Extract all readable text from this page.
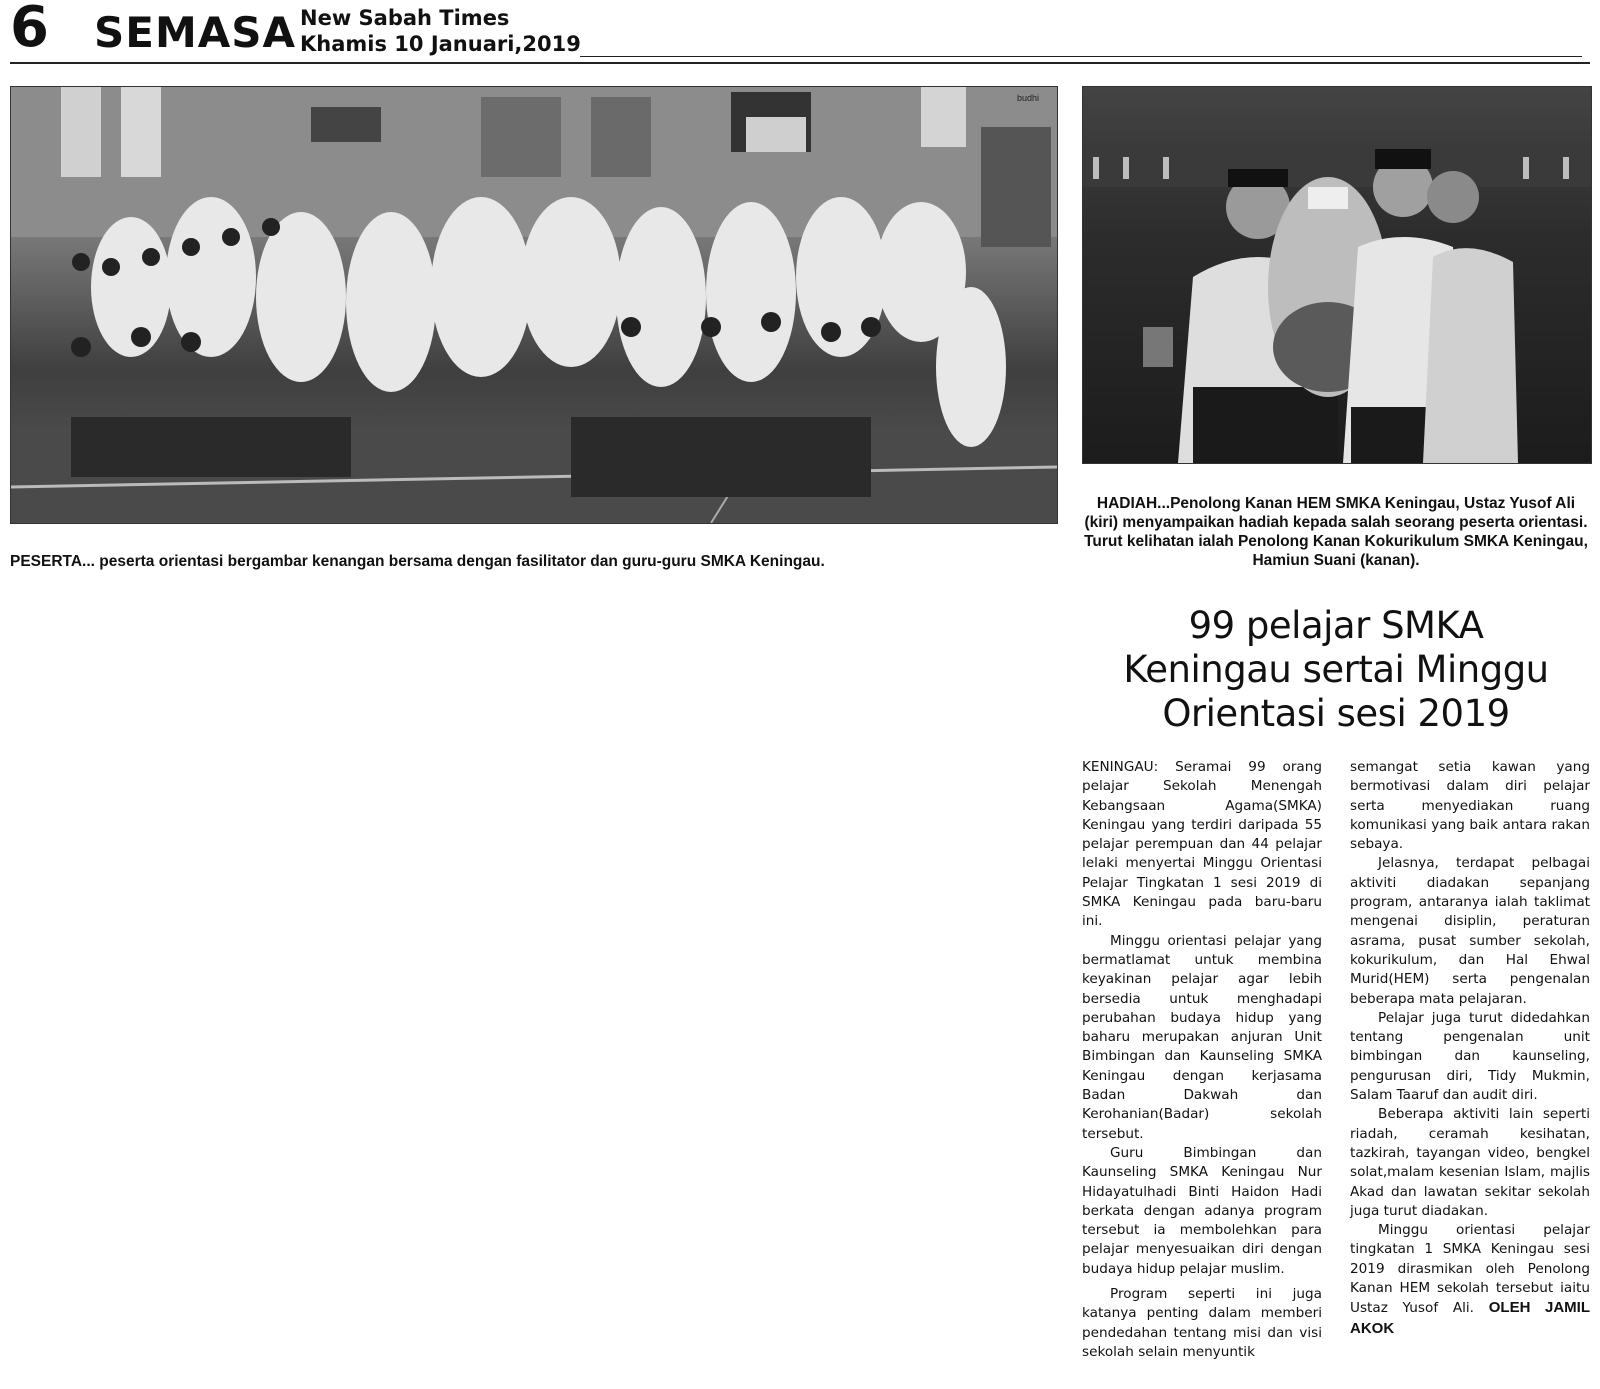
6 SEMASA New Sabah Times
Khamis 10 Januari,2019
budhi
PESERTA... peserta orientasi bergambar kenangan bersama dengan fasilitator dan guru-guru SMKA Keningau.
HADIAH...Penolong Kanan HEM SMKA Keningau, Ustaz Yusof Ali (kiri) menyampaikan hadiah kepada salah seorang peserta orientasi. Turut kelihatan ialah Penolong Kanan Kokurikulum SMKA Keningau, Hamiun Suani (kanan).
99 pelajar SMKA
Keningau sertai Minggu
Orientasi sesi 2019

KENINGAU: Seramai 99 orang pelajar Sekolah Menengah Kebangsaan Agama(SMKA) Keningau yang terdiri daripada 55 pelajar perempuan dan 44 pelajar lelaki menyertai Minggu Orientasi Pelajar Tingkatan 1 sesi 2019 di SMKA Keningau pada baru-baru ini.

Minggu orientasi pelajar yang bermatlamat untuk membina keyakinan pelajar agar lebih bersedia untuk menghadapi perubahan budaya hidup yang baharu merupakan anjuran Unit Bimbingan dan Kaunseling SMKA Keningau dengan kerjasama Badan Dakwah dan Kerohanian(Badar) sekolah tersebut.

Guru Bimbingan dan Kaunseling SMKA Keningau Nur Hidayatulhadi Binti Haidon Hadi berkata dengan adanya program tersebut ia membolehkan para pelajar menyesuaikan diri dengan budaya hidup pelajar muslim.

Program seperti ini juga katanya penting dalam memberi pendedahan tentang misi dan visi sekolah selain menyuntik

semangat setia kawan yang bermotivasi dalam diri pelajar serta menyediakan ruang komunikasi yang baik antara rakan sebaya.

Jelasnya, terdapat pelbagai aktiviti diadakan sepanjang program, antaranya ialah taklimat mengenai disiplin, peraturan asrama, pusat sumber sekolah, kokurikulum, dan Hal Ehwal Murid(HEM) serta pengenalan beberapa mata pelajaran.

Pelajar juga turut didedahkan tentang pengenalan unit bimbingan dan kaunseling, pengurusan diri, Tidy Mukmin, Salam Taaruf dan audit diri.

Beberapa aktiviti lain seperti riadah, ceramah kesihatan, tazkirah, tayangan video, bengkel solat,malam kesenian Islam, majlis Akad dan lawatan sekitar sekolah juga turut diadakan.

Minggu orientasi pelajar tingkatan 1 SMKA Keningau sesi 2019 dirasmikan oleh Penolong Kanan HEM sekolah tersebut iaitu Ustaz Yusof Ali. OLEH JAMIL AKOK
